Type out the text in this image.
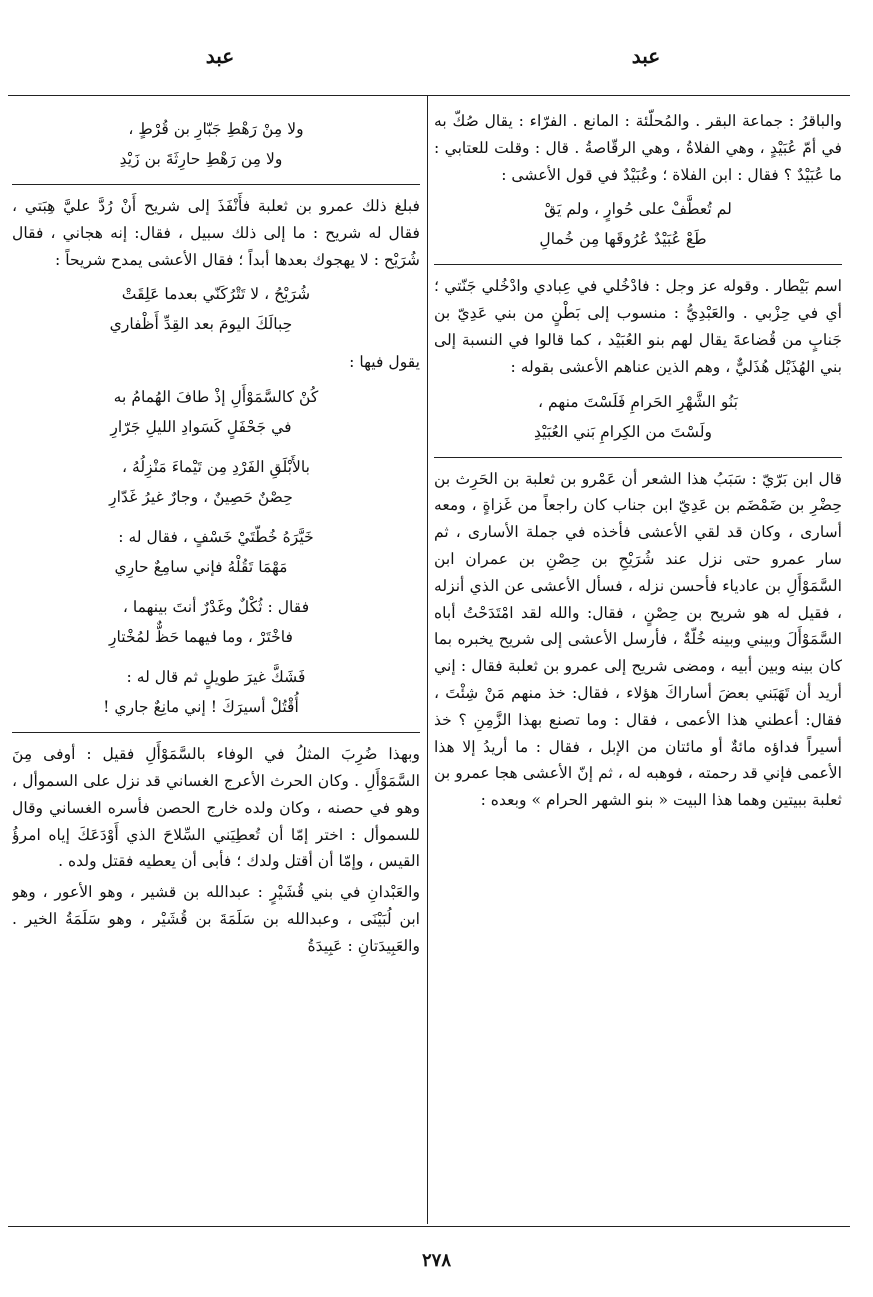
عبد
عبد

والباقرُ : جماعة البقر . والمُحلّئة : المانع . الفرّاء : يقال صُكّ به في أمّ عُبَيْدٍ ، وهي الفلاةُ ، وهي الرقّاصةُ . قال : وقلت للعتابي : ما عُبَيْدٌ ؟ فقال : ابن الفلاة ؛ وعُبَيْدٌ في قول الأعشى :

لم تُعطَّفْ على حُوارٍ ، ولم يَقْ
طَعْ عُبَيْدٌ عُرُوقَها مِن خُمالِ

اسم بَيْطار . وقوله عز وجل : فادْخُلي في عِبادي وادْخُلي جَنّتي ؛ أي في حِزْبي . والعَبْدِيُّ : منسوب إلى بَطْنٍ من بني عَدِيّ بن جَنابٍ من قُضاعةَ يقال لهم بنو العُبَيْد ، كما قالوا في النسبة إلى بني الهُذَيْل هُذَليٌّ ، وهم الذين عناهم الأعشى بقوله :

بَنُو الشَّهْرِ الحَرامِ فَلَسْتَ منهم ،
ولَسْتَ من الكِرامِ بَني العُبَيْدِ

قال ابن بَرّيّ : سَبَبُ هذا الشعر أن عَمْرو بن ثعلبة بن الحَرِث بن حِضْرِ بن ضَمْضَم بن عَدِيّ ابن جناب كان راجعاً من غَزاةٍ ، ومعه أسارى ، وكان قد لقي الأعشى فأخذه في جملة الأسارى ، ثم سار عمرو حتى نزل عند شُرَيْحِ بن حِصْنِ بن عمران ابن السَّمَوْأَلِ بن عادياء فأحسن نزله ، فسأل الأعشى عن الذي أنزله ، فقيل له هو شريح بن حِصْنٍ ، فقال: والله لقد امْتَدَحْتُ أباه السَّمَوْأَلَ وبيني وبينه خُلّةٌ ، فأرسل الأعشى إلى شريح يخبره بما كان بينه وبين أبيه ، ومضى شريح إلى عمرو بن ثعلبة فقال : إني أريد أن تَهَبَني بعضَ أساراكَ هؤلاء ، فقال: خذ منهم مَنْ شِئْتَ ، فقال: أعطني هذا الأعمى ، فقال : وما تصنع بهذا الزَّمِنِ ؟ خذ أسيراً فداؤه مائةٌ أو مائتان من الإبل ، فقال : ما أريدُ إلا هذا الأعمى فإني قد رحمته ، فوهبه له ، ثم إنّ الأعشى هجا عمرو بن ثعلبة ببيتين وهما هذا البيت « بنو الشهر الحرام » وبعده :

ولا مِنْ رَهْطِ جَبّارِ بن قُرْطٍ ،
ولا مِن رَهْطِ حارِثَةَ بن زَيْدِ

فبلغ ذلك عمرو بن ثعلبة فأَنْفَذَ إلى شريح أَنْ رُدَّ عليَّ هِبَتي ، فقال له شريح : ما إلى ذلك سبيل ، فقال: إنه هجاني ، فقال شُرَيْح : لا يهجوك بعدها أبداً ؛ فقال الأعشى يمدح شريحاً :

شُرَيْحُ ، لا تَتْرُكَنّي بعدما عَلِقَتْ
حِبالَكَ اليومَ بعد القِدِّ أَظْفاري

يقول فيها :

كُنْ كالسَّمَوْأَلِ إذْ طافَ الهُمامُ به
في جَحْفَلٍ كَسَوادِ الليلِ جَرّارِ
بالأَبْلَقِ الفَرْدِ مِن تَيْماءَ مَنْزِلُهُ ،
حِصْنٌ حَصِينٌ ، وجارٌ غيرُ غَدّارِ
خَيَّرَهُ خُطّتَيْ خَسْفٍ ، فقال له :
مَهْمَا تَقُلْهُ فإني سامِعٌ حارِي
فقال : ثُكْلٌ وغَدْرٌ أنتَ بينهما ،
فاخْتَرْ ، وما فيهما حَظٌّ لمُخْتارِ
فَشَكَّ غيرَ طويلٍ ثم قال له :
أُقْتُلْ أسيرَكَ ! إني مانِعٌ جاري !

وبهذا ضُرِبَ المثلُ في الوفاء بالسَّمَوْأَلِ فقيل : أوفى مِنَ السَّمَوْأَلِ . وكان الحرث الأعرج الغساني قد نزل على السموأل ، وهو في حصنه ، وكان ولده خارج الحصن فأسره الغساني وقال للسموأل : اختر إمّا أن تُعطِيَني السِّلاحَ الذي أَوْدَعَكَ إياه امرؤُ القيس ، وإمّا أن أقتل ولدك ؛ فأبى أن يعطيه فقتل ولده .

والعَبْدانِ في بني قُشَيْرٍ : عبدالله بن قشير ، وهو الأعور ، وهو ابن لُبَيْنَى ، وعبدالله بن سَلَمَةَ بن قُشَيْر ، وهو سَلَمَةُ الخير . والعَبِيدَتانِ : عَبِيدَةُ

٢٧٨
